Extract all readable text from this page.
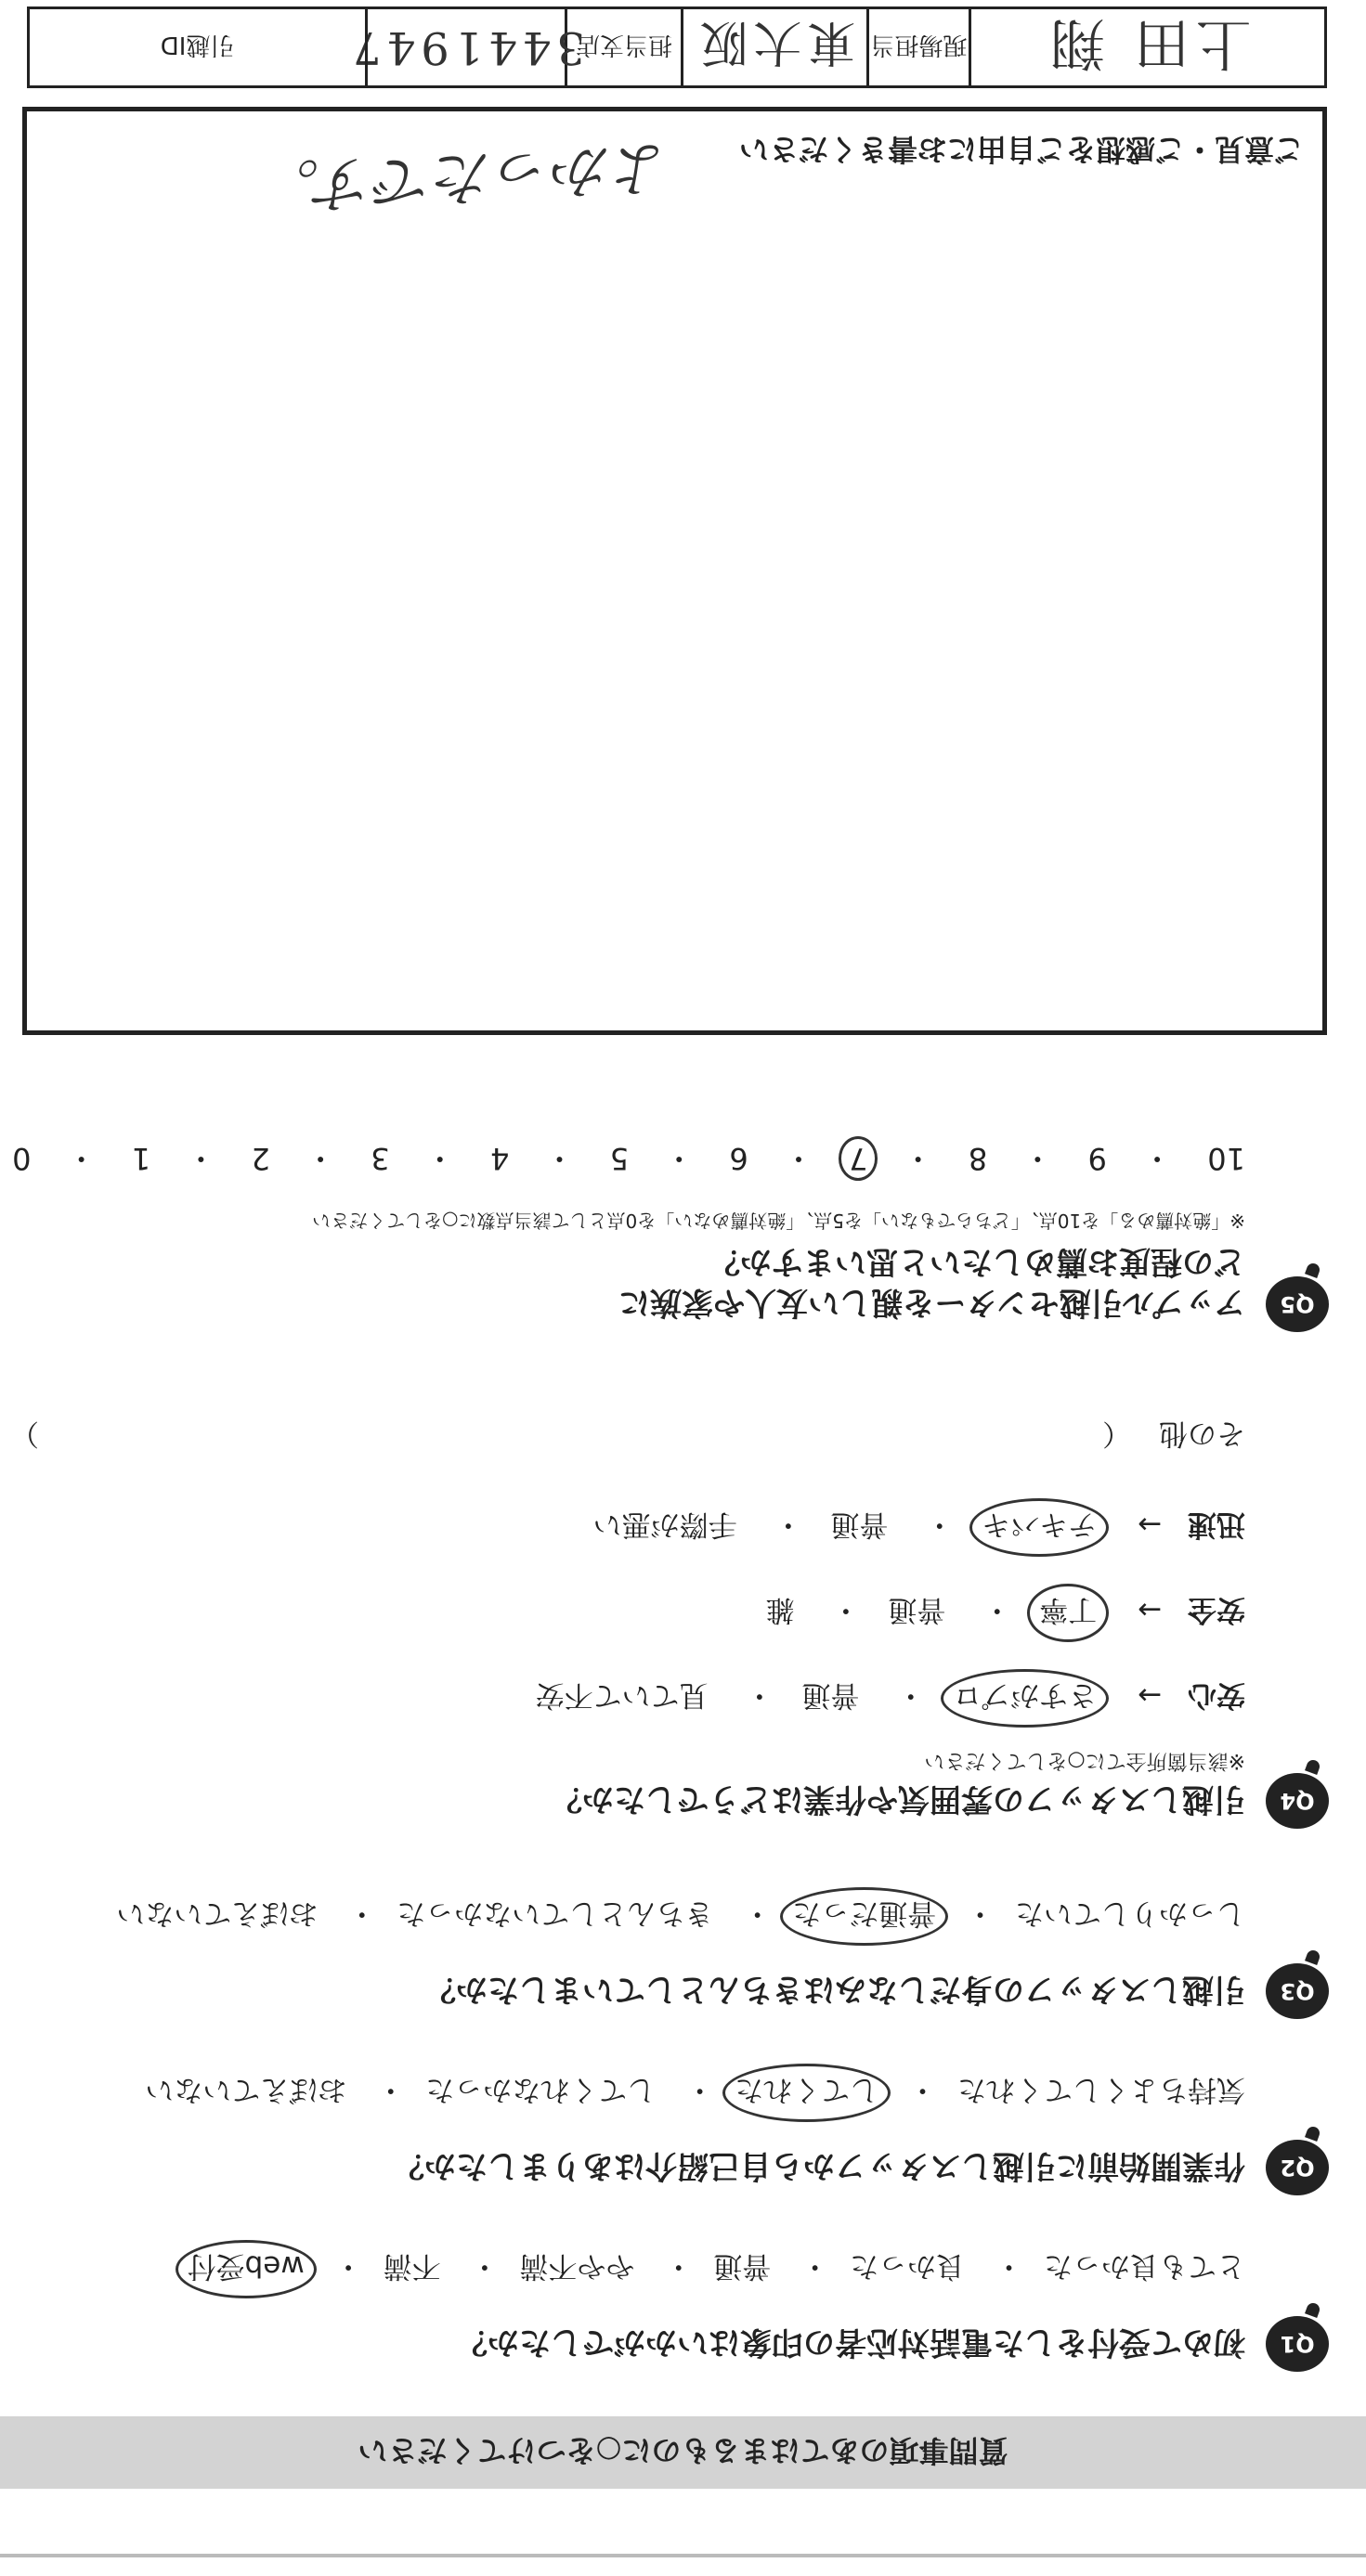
質問事項のあてはまるものに○をつけてください
Q1
初めて受付をした電話対応者の印象はいかがでしたか？
とても良かった・ 良かった・ 普通・ やや不満・ 不満・ web受付
Q2
作業開始前に引越しスタッフから自己紹介はありましたか？
気持ちよくしてくれた・ してくれた・ してくれなかった・ おぼえていない
Q3
引越しスタッフの身だしなみはきちんとしていましたか？
しっかりしていた・ 普通だった・ きちんとしていなかった・ おぼえていない
Q4
引越しスタッフの雰囲気や作業はどうでしたか？
※該当箇所全てに○をしてください
安心 → さすがプロ・ 普通・ 見ていて不安
安全 → 丁寧・ 普通・ 雑
迅速 → テキパキ・ 普通・ 手際が悪い
その他 （
）
Q5
アップル引越センターを親しい友人や家族に
どの程度お薦めしたいと思いますか？
※「絶対薦める」を10点、「どちらでもない」を5点、「絶対薦めない」を0点として該当点数に○をしてください
10 ・ 9 ・ 8 ・ 7 ・ 6 ・ 5 ・ 4 ・ 3 ・ 2 ・ 1 ・ 0
よかったです。 ご意見・ご感想をご自由にお書きください
上田 翔
現場担当
東大阪
担当支店
3441947
引越ID
